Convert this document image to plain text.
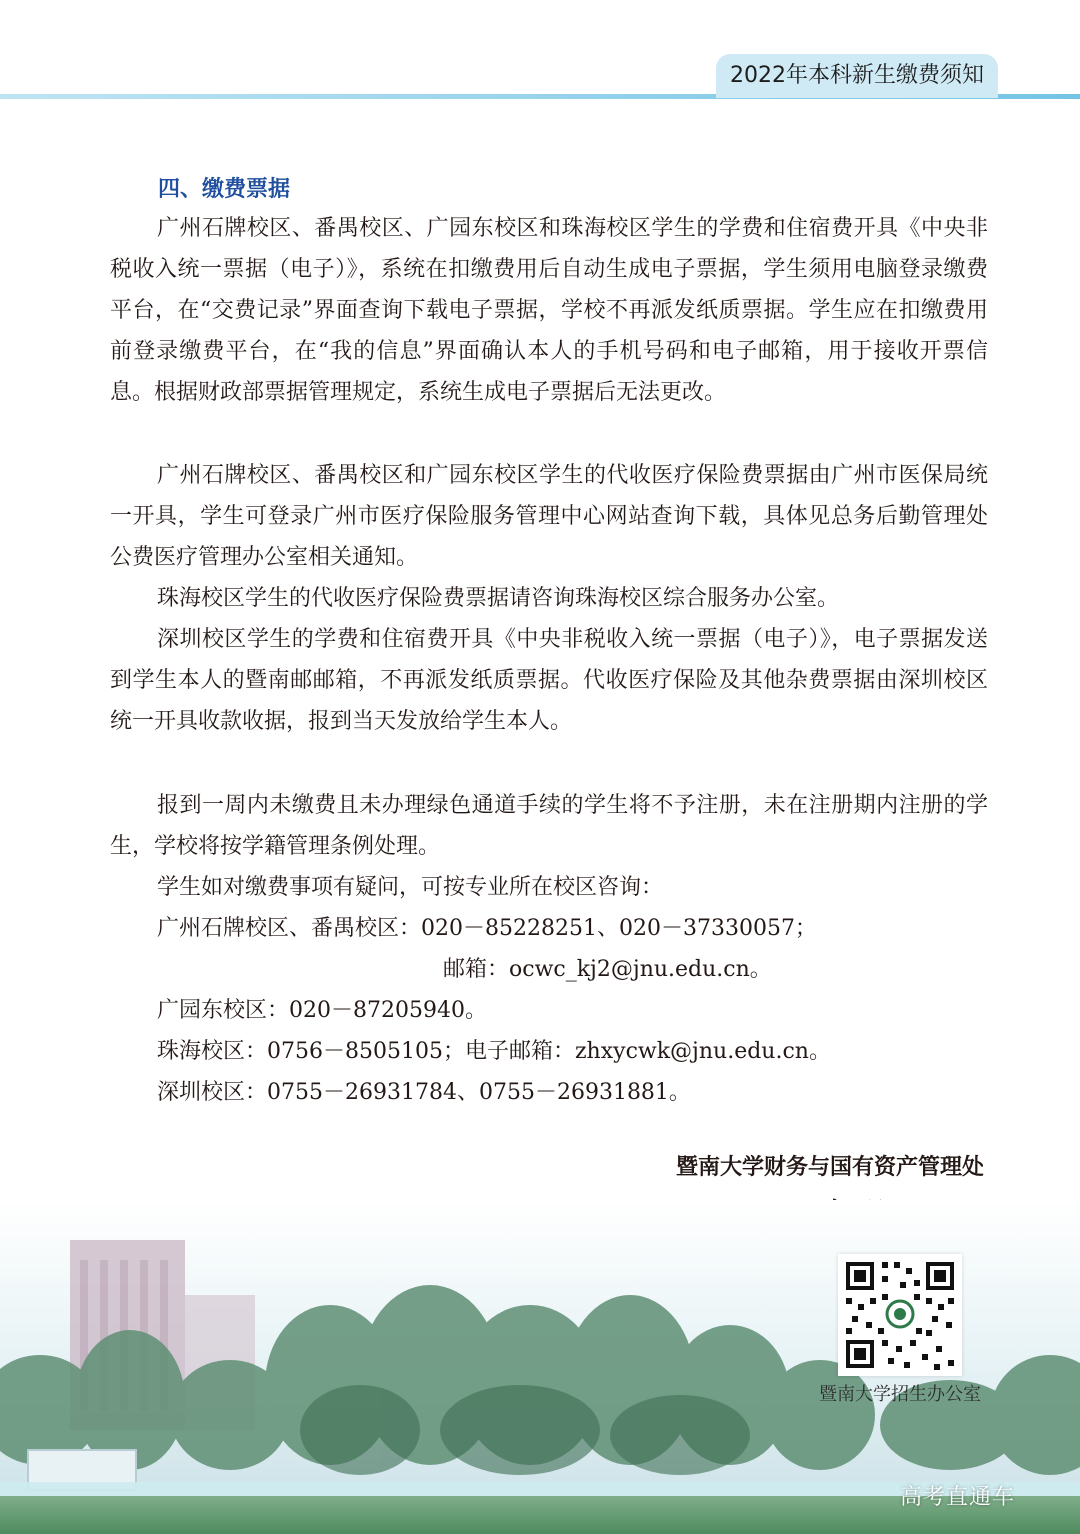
2022年本科新生缴费须知
四、缴费票据

广州石牌校区、番禺校区、广园东校区和珠海校区学生的学费和住宿费开具《中央非税收入统一票据（电子）》，系统在扣缴费用后自动生成电子票据，学生须用电脑登录缴费平台，在“交费记录”界面查询下载电子票据，学校不再派发纸质票据。学生应在扣缴费用前登录缴费平台，在“我的信息”界面确认本人的手机号码和电子邮箱，用于接收开票信息。根据财政部票据管理规定，系统生成电子票据后无法更改。

广州石牌校区、番禺校区和广园东校区学生的代收医疗保险费票据由广州市医保局统一开具，学生可登录广州市医疗保险服务管理中心网站查询下载，具体见总务后勤管理处公费医疗管理办公室相关通知。

珠海校区学生的代收医疗保险费票据请咨询珠海校区综合服务办公室。

深圳校区学生的学费和住宿费开具《中央非税收入统一票据（电子）》，电子票据发送到学生本人的暨南邮邮箱，不再派发纸质票据。代收医疗保险及其他杂费票据由深圳校区统一开具收款收据，报到当天发放给学生本人。

报到一周内未缴费且未办理绿色通道手续的学生将不予注册，未在注册期内注册的学生，学校将按学籍管理条例处理。

学生如对缴费事项有疑问，可按专业所在校区咨询：

广州石牌校区、番禺校区：020－85228251、020－37330057；

邮箱：ocwc_kj2@jnu.edu.cn。

广园东校区：020－87205940。

珠海校区：0756－8505105；电子邮箱：zhxycwk@jnu.edu.cn。

深圳校区：0755－26931784、0755－26931881。

暨南大学财务与国有资产管理处
暨南大学招生办公室
高考直通车
